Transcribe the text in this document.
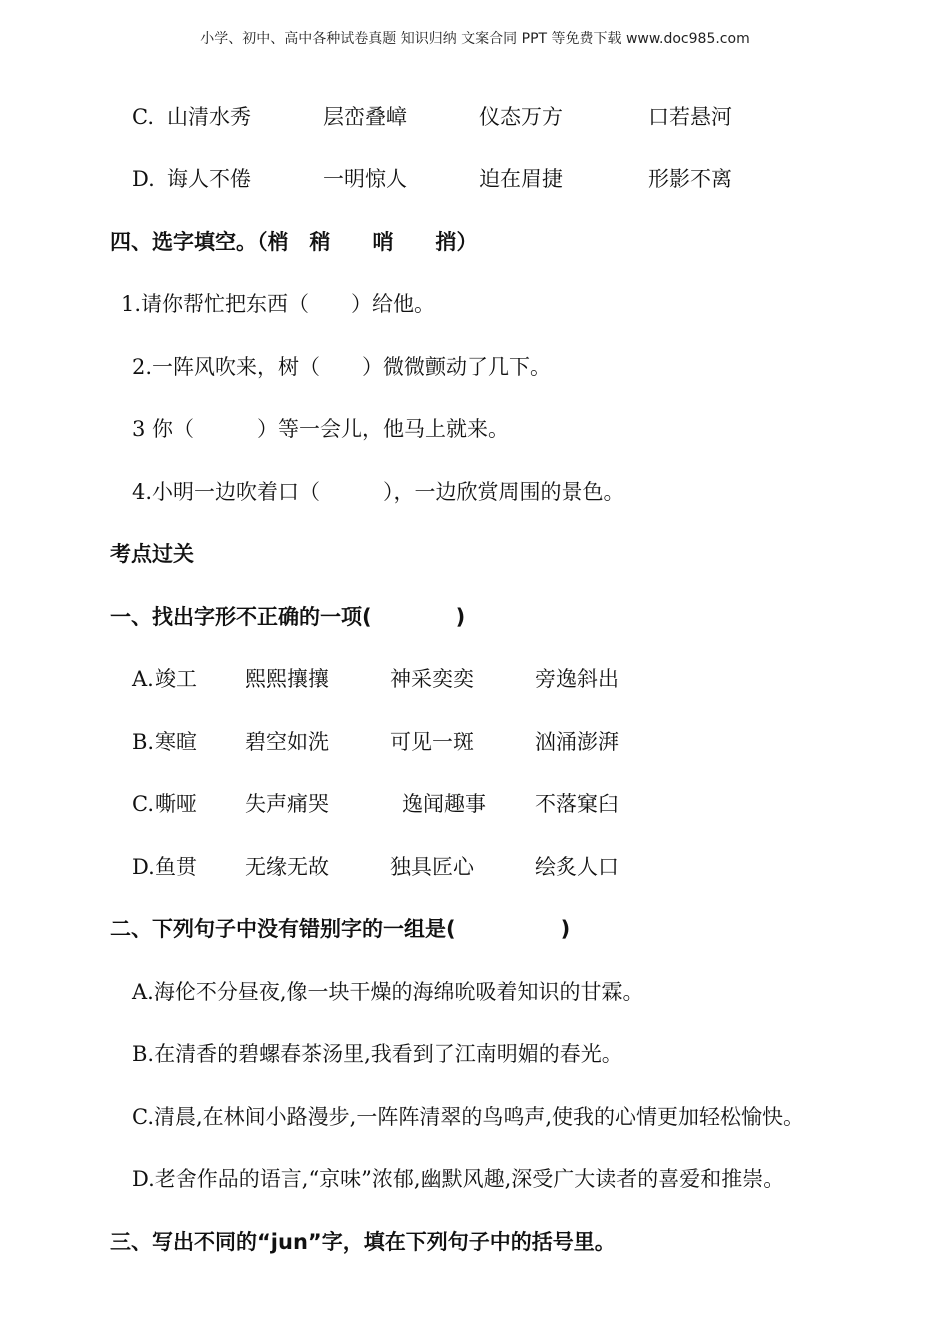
小学、初中、高中各种试卷真题 知识归纳 文案合同 PPT 等免费下载 www.doc985.com
C. 山清水秀	层峦叠嶂	仪态万方	口若悬河
D. 诲人不倦	一明惊人	迫在眉捷	形影不离
四、选字填空。（梢　稍　　哨　　捎）
1.请你帮忙把东西（　　）给他。
2.一阵风吹来，树（　　）微微颤动了几下。
3 你（　　　）等一会儿，他马上就来。
4.小明一边吹着口（　　　），一边欣赏周围的景色。
考点过关
一、找出字形不正确的一项(　　　　)
A. 竣工 熙熙攘攘	神采奕奕	旁逸斜出
B. 寒暄 碧空如洗	可见一斑	汹涌澎湃
C. 嘶哑 失声痛哭	逸闻趣事 不落窠臼
D. 鱼贯 无缘无故	独具匠心	绘炙人口
二、下列句子中没有错别字的一组是(　　　　　)
A.海伦不分昼夜,像一块干燥的海绵吮吸着知识的甘霖。
B.在清香的碧螺春茶汤里,我看到了江南明媚的春光。
C.清晨,在林间小路漫步,一阵阵清翠的鸟鸣声,使我的心情更加轻松愉快。
D.老舍作品的语言,“京味”浓郁,幽默风趣,深受广大读者的喜爱和推崇。
三、写出不同的“jun”字，填在下列句子中的括号里。
